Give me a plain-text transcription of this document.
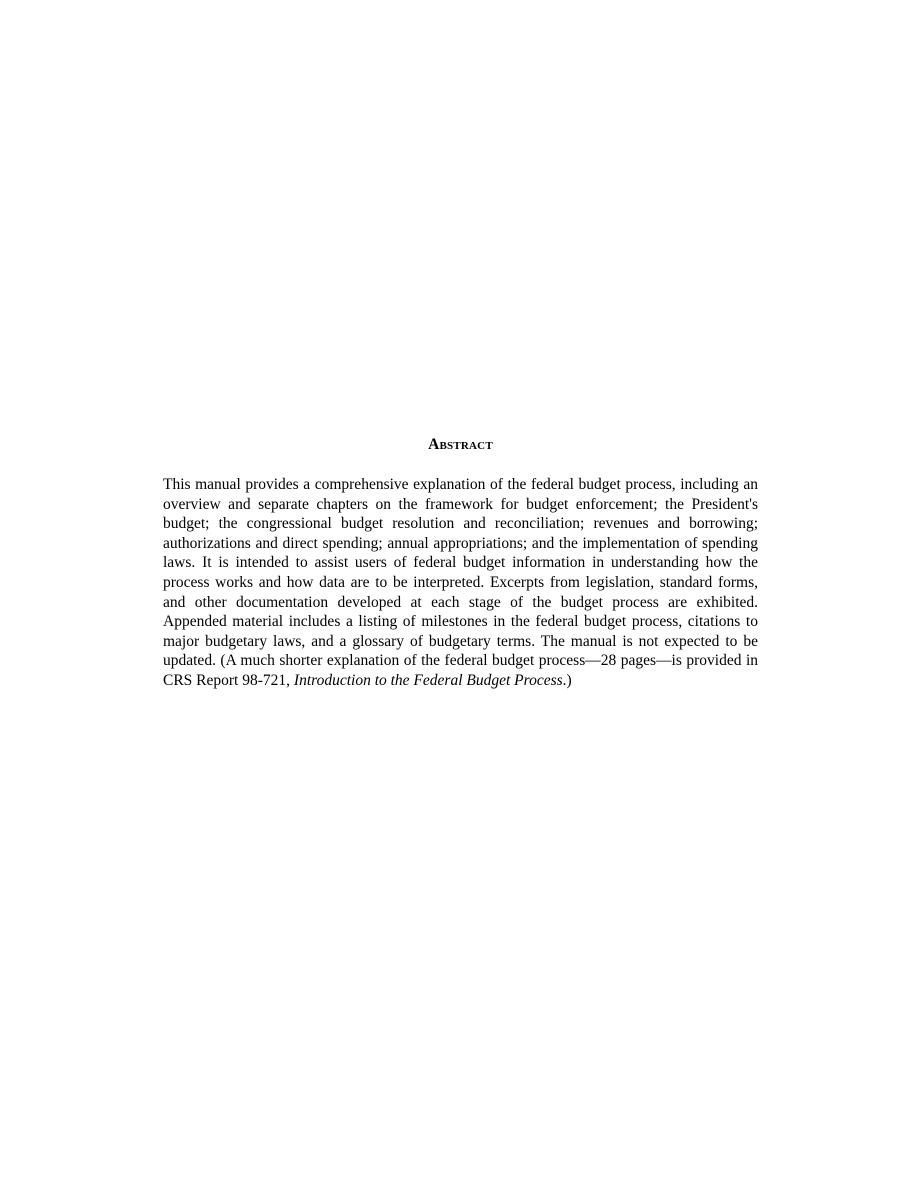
Abstract

This manual provides a comprehensive explanation of the federal budget process, including an overview and separate chapters on the framework for budget enforcement; the President's budget; the congressional budget resolution and reconciliation; revenues and borrowing; authorizations and direct spending; annual appropriations; and the implementation of spending laws. It is intended to assist users of federal budget information in understanding how the process works and how data are to be interpreted. Excerpts from legislation, standard forms, and other documentation developed at each stage of the budget process are exhibited. Appended material includes a listing of milestones in the federal budget process, citations to major budgetary laws, and a glossary of budgetary terms. The manual is not expected to be updated. (A much shorter explanation of the federal budget process—28 pages—is provided in CRS Report 98-721, Introduction to the Federal Budget Process.)
